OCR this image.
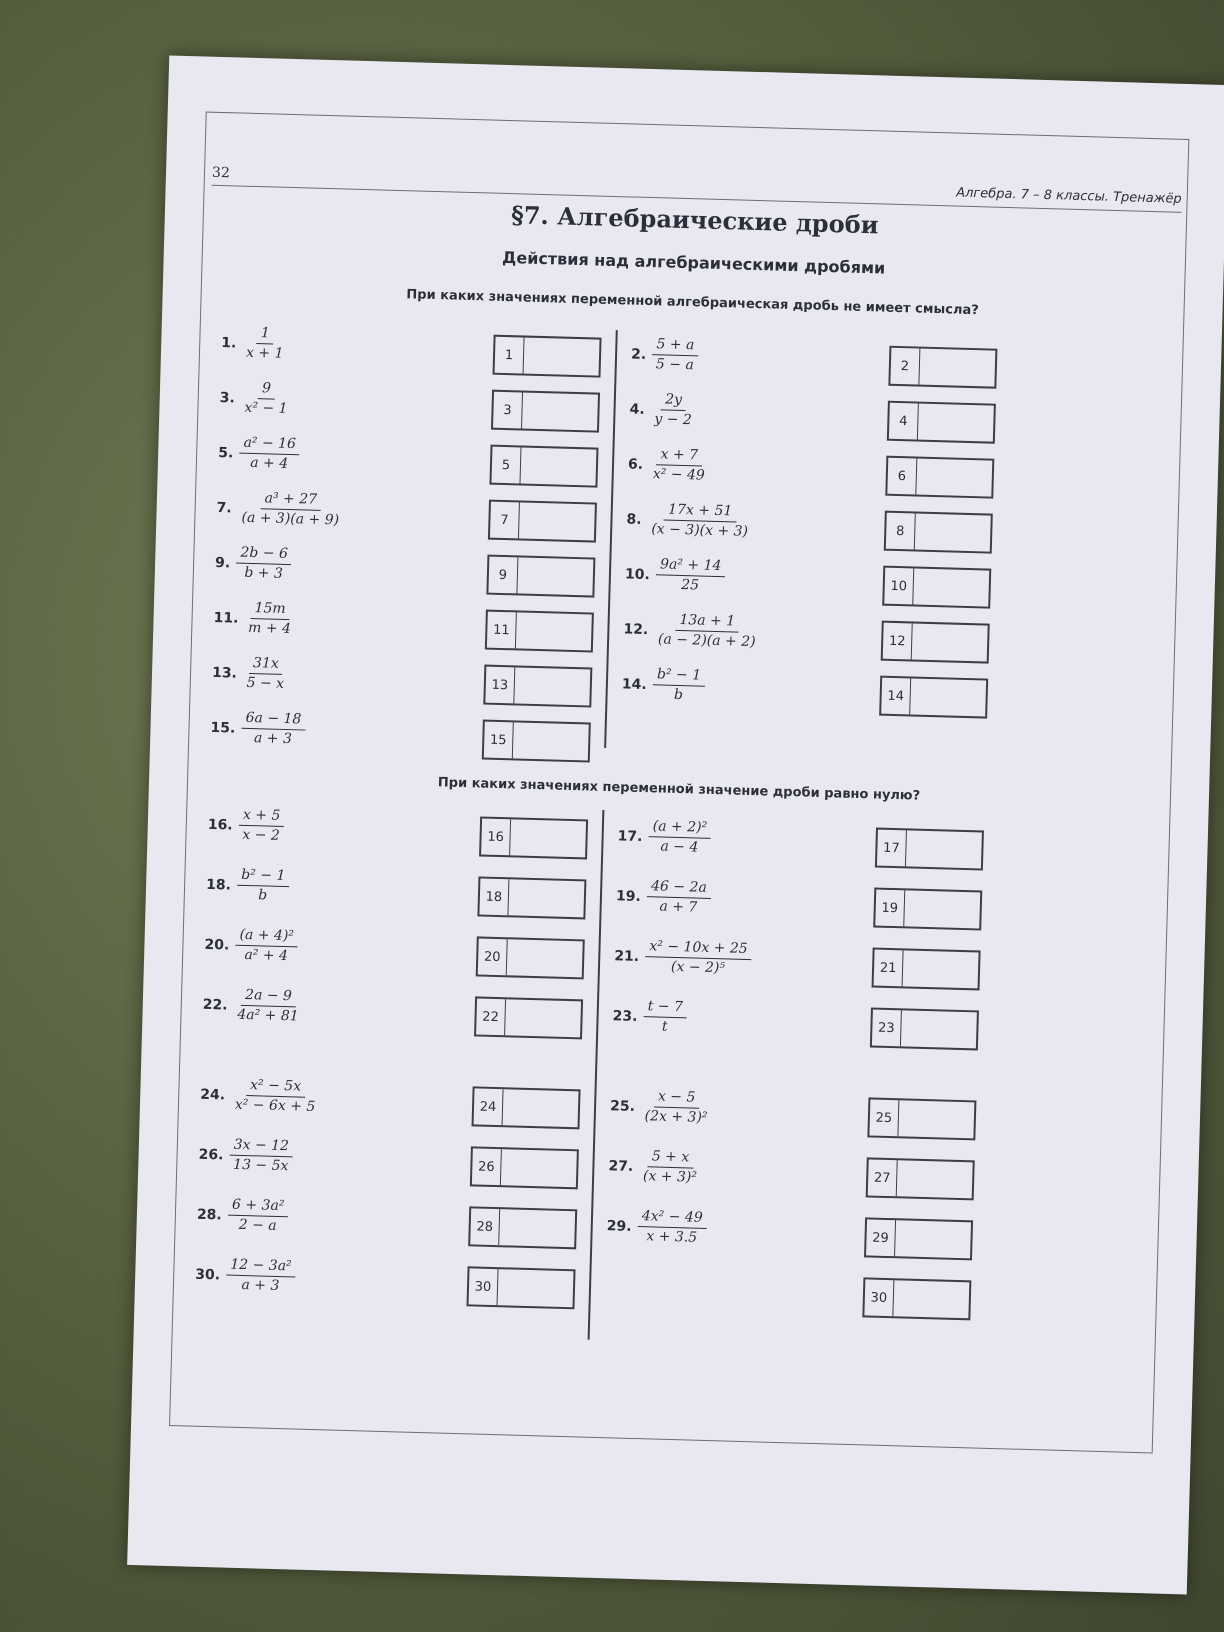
32
Алгебра. 7 – 8 классы. Тренажёр
§7. Алгебраические дроби
Действия над алгебраическими дробями
При каких значениях переменной алгебраическая дробь не имеет смысла?
1. $\frac{1}{x + 1}$	1	2. $\frac{5 + a}{5 - a}$	2
3. $\frac{9}{\text{x² − 1}}$	3	4. $\frac{2y}{y - 2}$	4
5. $\frac{\text{a² − 16}}{a + 4}$	5	6. $\frac{x + 7}{\text{x² − 49}}$	6
7. $\frac{\text{a³ + 27}}{(a + 3)(a + 9)}$	7	8. $\frac{17x + 51}{(x - 3)(x + 3)}$	8
9. $\frac{2b - 6}{b + 3}$	9	10. $\frac{\text{9a² + 14}}{25}$	10
11. $\frac{15m}{m + 4}$	11	12. $\frac{13a + 1}{(a - 2)(a + 2)}$	12
13. $\frac{31x}{5 - x}$	13	14. $\frac{\text{b² − 1}}{b}$	14
15. $\frac{6a - 18}{a + 3}$	15
При каких значениях переменной значение дроби равно нулю?
16. $\frac{x + 5}{x - 2}$	16	17. $\frac{\text{(a + 2)²}}{a - 4}$	17
18. $\frac{\text{b² − 1}}{b}$	18	19. $\frac{46 - 2a}{a + 7}$	19
20. $\frac{\text{(a + 4)²}}{\text{a² + 4}}$	20	21. $\frac{\text{x² − 10x + 25}}{\text{(x − 2)⁵}}$	21
22. $\frac{2a - 9}{\text{4a² + 81}}$	22	23. $\frac{t - 7}{t}$	23
24. $\frac{\text{x² − 5x}}{\text{x² − 6x + 5}}$	24	25. $\frac{x - 5}{\text{(2x + 3)²}}$	25
26. $\frac{3x - 12}{13 - 5x}$	26	27. $\frac{5 + x}{\text{(x + 3)²}}$	27
28. $\frac{\text{6 + 3a²}}{2 - a}$	28	29. $\frac{\text{4x² − 49}}{x + 3.5}$	29
30. $\frac{\text{12 − 3a²}}{a + 3}$	30
30
